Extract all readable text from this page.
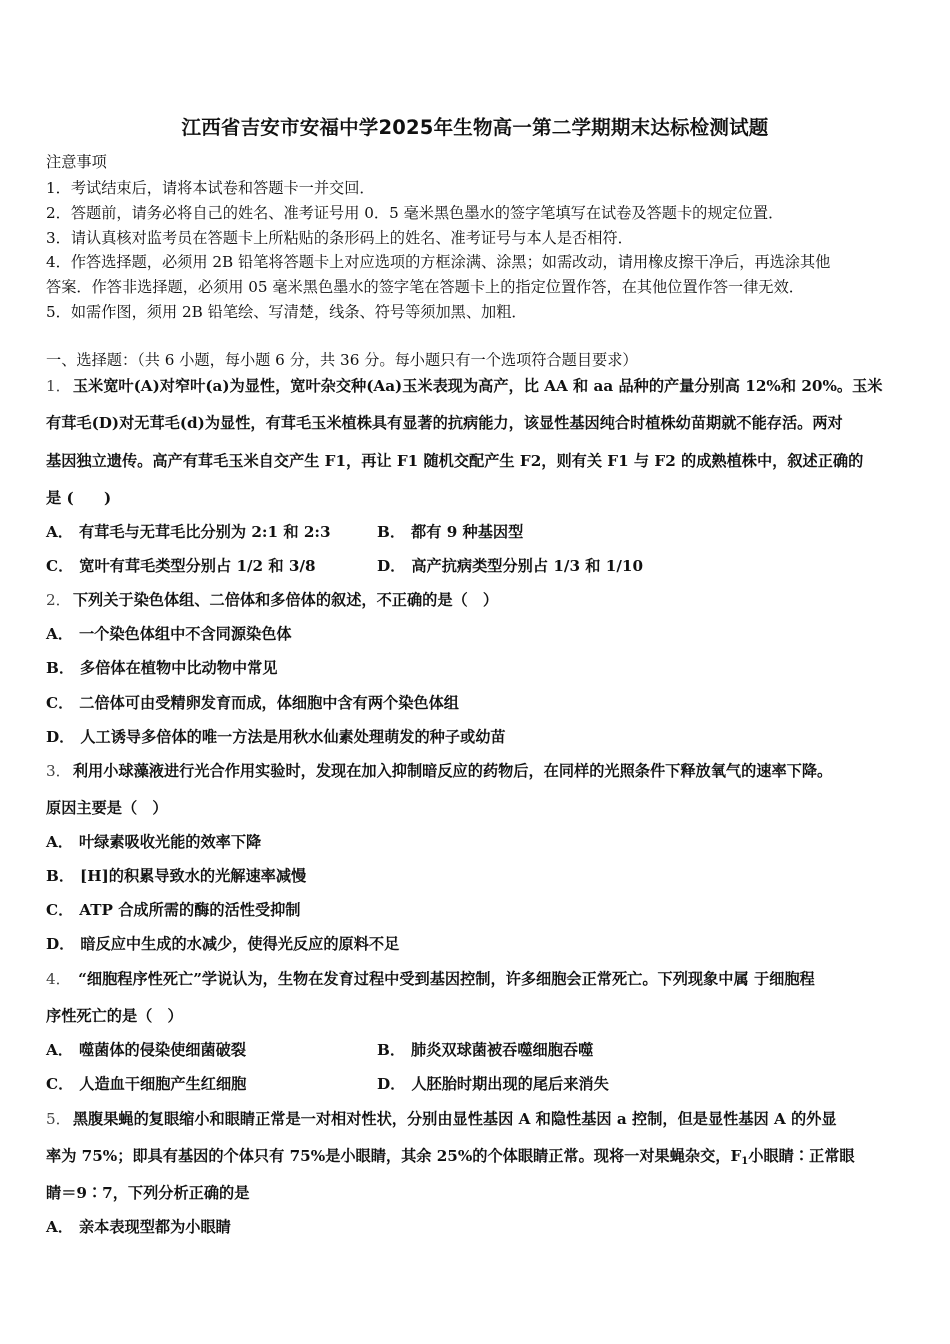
江西省吉安市安福中学2025年生物高一第二学期期末达标检测试题
注意事项
1．考试结束后，请将本试卷和答题卡一并交回．
2．答题前，请务必将自己的姓名、准考证号用 0．5 毫米黑色墨水的签字笔填写在试卷及答题卡的规定位置．
3．请认真核对监考员在答题卡上所粘贴的条形码上的姓名、准考证号与本人是否相符．
4．作答选择题，必须用 2B 铅笔将答题卡上对应选项的方框涂满、涂黑；如需改动，请用橡皮擦干净后，再选涂其他
答案．作答非选择题，必须用 05 毫米黑色墨水的签字笔在答题卡上的指定位置作答，在其他位置作答一律无效．
5．如需作图，须用 2B 铅笔绘、写清楚，线条、符号等须加黑、加粗．
一、选择题：（共 6 小题，每小题 6 分，共 36 分。每小题只有一个选项符合题目要求）
1． 玉米宽叶(A)对窄叶(a)为显性，宽叶杂交种(Aa)玉米表现为高产，比 AA 和 aa 品种的产量分别高 12%和 20%。玉米
有茸毛(D)对无茸毛(d)为显性，有茸毛玉米植株具有显著的抗病能力，该显性基因纯合时植株幼苗期就不能存活。两对
基因独立遗传。高产有茸毛玉米自交产生 F1，再让 F1 随机交配产生 F2，则有关 F1 与 F2 的成熟植株中，叙述正确的
是 (　　)
A． 有茸毛与无茸毛比分别为 2:1 和 2:3	B． 都有 9 种基因型
C． 宽叶有茸毛类型分别占 1/2 和 3/8	D． 高产抗病类型分别占 1/3 和 1/10
2． 下列关于染色体组、二倍体和多倍体的叙述，不正确的是（　）
A． 一个染色体组中不含同源染色体
B． 多倍体在植物中比动物中常见
C． 二倍体可由受精卵发育而成，体细胞中含有两个染色体组
D． 人工诱导多倍体的唯一方法是用秋水仙素处理萌发的种子或幼苗
3． 利用小球藻液进行光合作用实验时，发现在加入抑制暗反应的药物后，在同样的光照条件下释放氧气的速率下降。
原因主要是（　）
A． 叶绿素吸收光能的效率下降
B． [H]的积累导致水的光解速率减慢
C． ATP 合成所需的酶的活性受抑制
D． 暗反应中生成的水减少，使得光反应的原料不足
4． “细胞程序性死亡”学说认为，生物在发育过程中受到基因控制，许多细胞会正常死亡。下列现象中属 于细胞程
序性死亡的是（　）
A． 噬菌体的侵染使细菌破裂	B． 肺炎双球菌被吞噬细胞吞噬
C． 人造血干细胞产生红细胞	D． 人胚胎时期出现的尾后来消失
5． 黑腹果蝇的复眼缩小和眼睛正常是一对相对性状，分别由显性基因 A 和隐性基因 a 控制，但是显性基因 A 的外显
率为 75%；即具有基因的个体只有 75%是小眼睛，其余 25%的个体眼睛正常。现将一对果蝇杂交，$F_1$小眼睛∶正常眼
睛＝9∶7，下列分析正确的是
A． 亲本表现型都为小眼睛
